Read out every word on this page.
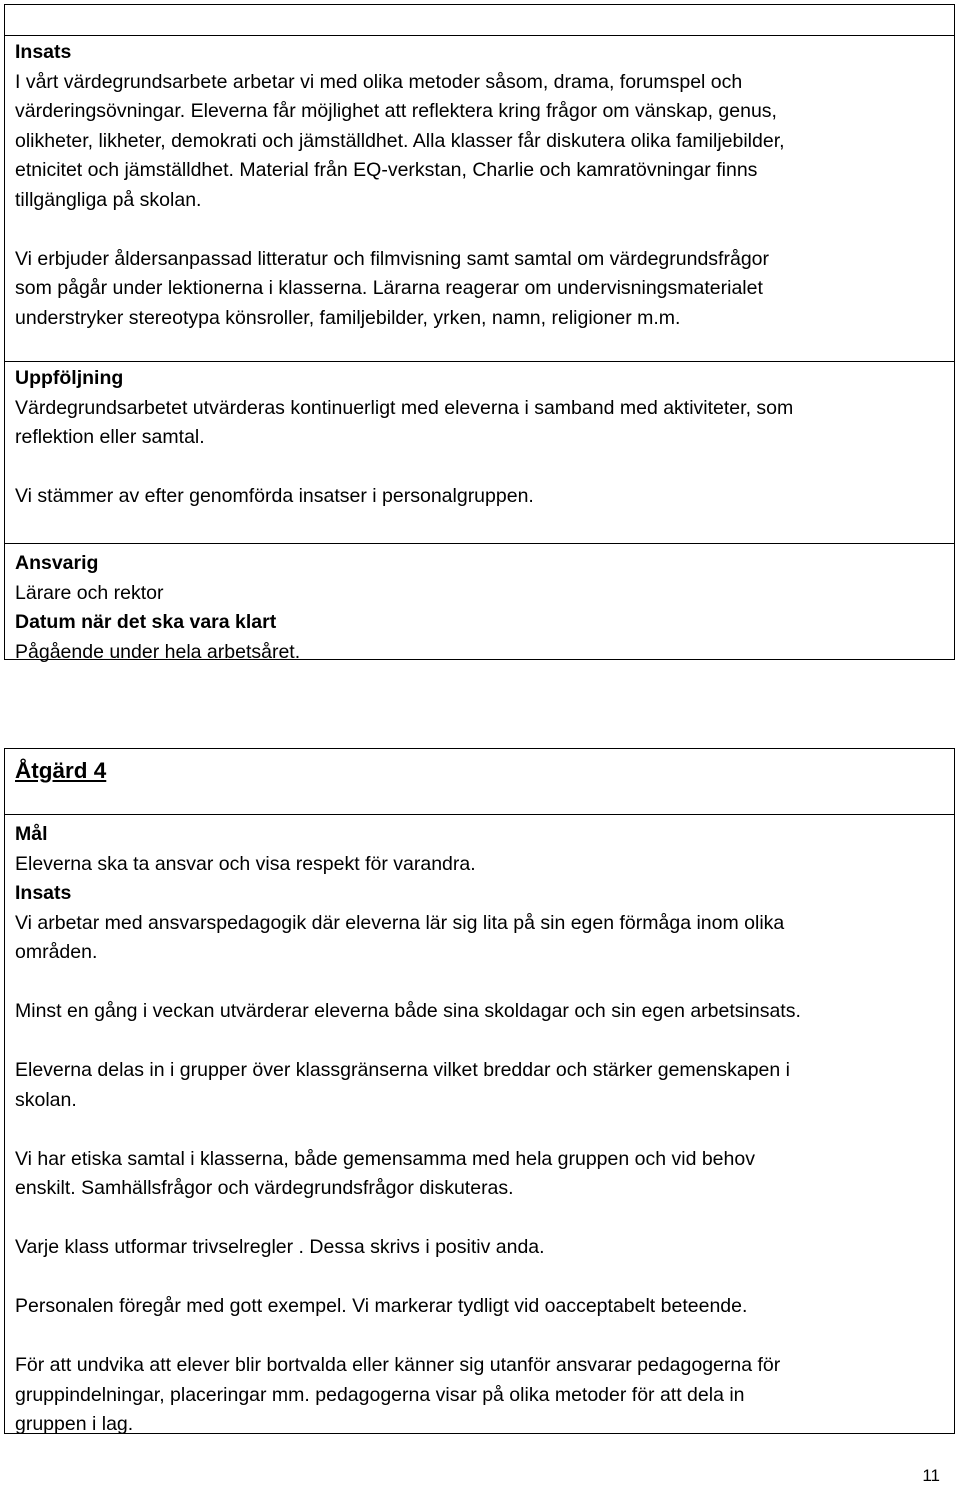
Insats
I vårt värdegrundsarbete arbetar vi med olika metoder såsom, drama, forumspel och
värderingsövningar. Eleverna får möjlighet att reflektera kring frågor om vänskap, genus,
olikheter, likheter, demokrati och jämställdhet. Alla klasser får diskutera olika familjebilder,
etnicitet och jämställdhet. Material från EQ-verkstan, Charlie och kamratövningar finns
tillgängliga på skolan.
Vi erbjuder åldersanpassad litteratur och filmvisning samt samtal om värdegrundsfrågor
som pågår under lektionerna i klasserna. Lärarna reagerar om undervisningsmaterialet
understryker stereotypa könsroller, familjebilder, yrken, namn, religioner m.m.
Uppföljning
Värdegrundsarbetet utvärderas kontinuerligt med eleverna i samband med aktiviteter, som
reflektion eller samtal.
Vi stämmer av efter genomförda insatser i personalgruppen.
Ansvarig
Lärare och rektor
Datum när det ska vara klart
Pågående under hela arbetsåret.
Åtgärd 4
Mål
Eleverna ska ta ansvar och visa respekt för varandra.
Insats
Vi arbetar med ansvarspedagogik där eleverna lär sig lita på sin egen förmåga inom olika
områden.
Minst en gång i veckan utvärderar eleverna både sina skoldagar och sin egen arbetsinsats.
Eleverna delas in i grupper över klassgränserna vilket breddar och stärker gemenskapen i
skolan.
Vi har etiska samtal i klasserna, både gemensamma med hela gruppen och vid behov
enskilt. Samhällsfrågor och värdegrundsfrågor diskuteras.
Varje klass utformar trivselregler . Dessa skrivs i positiv anda.
Personalen föregår med gott exempel. Vi markerar tydligt vid oacceptabelt beteende.
För att undvika att elever blir bortvalda eller känner sig utanför ansvarar pedagogerna för
gruppindelningar, placeringar mm. pedagogerna visar på olika metoder för att dela in
gruppen i lag.
11
